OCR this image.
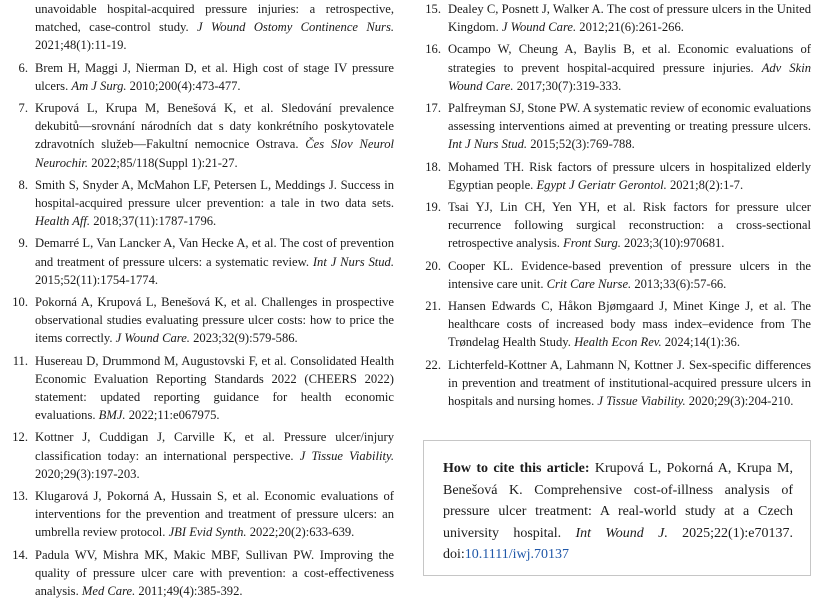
unavoidable hospital-acquired pressure injuries: a retrospective, matched, case-control study. J Wound Ostomy Continence Nurs. 2021;48(1):11-19.
6. Brem H, Maggi J, Nierman D, et al. High cost of stage IV pressure ulcers. Am J Surg. 2010;200(4):473-477.
7. Krupová L, Krupa M, Benešová K, et al. Sledování prevalence dekubitů—srovnání národních dat s daty konkrétního poskytovatele zdravotních služeb—Fakultní nemocnice Ostrava. Čes Slov Neurol Neurochir. 2022;85/118(Suppl 1):21-27.
8. Smith S, Snyder A, McMahon LF, Petersen L, Meddings J. Success in hospital-acquired pressure ulcer prevention: a tale in two data sets. Health Aff. 2018;37(11):1787-1796.
9. Demarré L, Van Lancker A, Van Hecke A, et al. The cost of prevention and treatment of pressure ulcers: a systematic review. Int J Nurs Stud. 2015;52(11):1754-1774.
10. Pokorná A, Krupová L, Benešová K, et al. Challenges in prospective observational studies evaluating pressure ulcer costs: how to price the items correctly. J Wound Care. 2023;32(9):579-586.
11. Husereau D, Drummond M, Augustovski F, et al. Consolidated Health Economic Evaluation Reporting Standards 2022 (CHEERS 2022) statement: updated reporting guidance for health economic evaluations. BMJ. 2022;11:e067975.
12. Kottner J, Cuddigan J, Carville K, et al. Pressure ulcer/injury classification today: an international perspective. J Tissue Viability. 2020;29(3):197-203.
13. Klugarová J, Pokorná A, Hussain S, et al. Economic evaluations of interventions for the prevention and treatment of pressure ulcers: an umbrella review protocol. JBI Evid Synth. 2022;20(2):633-639.
14. Padula WV, Mishra MK, Makic MBF, Sullivan PW. Improving the quality of pressure ulcer care with prevention: a cost-effectiveness analysis. Med Care. 2011;49(4):385-392.
15. Dealey C, Posnett J, Walker A. The cost of pressure ulcers in the United Kingdom. J Wound Care. 2012;21(6):261-266.
16. Ocampo W, Cheung A, Baylis B, et al. Economic evaluations of strategies to prevent hospital-acquired pressure injuries. Adv Skin Wound Care. 2017;30(7):319-333.
17. Palfreyman SJ, Stone PW. A systematic review of economic evaluations assessing interventions aimed at preventing or treating pressure ulcers. Int J Nurs Stud. 2015;52(3):769-788.
18. Mohamed TH. Risk factors of pressure ulcers in hospitalized elderly Egyptian people. Egypt J Geriatr Gerontol. 2021;8(2):1-7.
19. Tsai YJ, Lin CH, Yen YH, et al. Risk factors for pressure ulcer recurrence following surgical reconstruction: a cross-sectional retrospective analysis. Front Surg. 2023;3(10):970681.
20. Cooper KL. Evidence-based prevention of pressure ulcers in the intensive care unit. Crit Care Nurse. 2013;33(6):57-66.
21. Hansen Edwards C, Håkon Bjømgaard J, Minet Kinge J, et al. The healthcare costs of increased body mass index–evidence from The Trøndelag Health Study. Health Econ Rev. 2024;14(1):36.
22. Lichterfeld-Kottner A, Lahmann N, Kottner J. Sex-specific differences in prevention and treatment of institutional-acquired pressure ulcers in hospitals and nursing homes. J Tissue Viability. 2020;29(3):204-210.
How to cite this article: Krupová L, Pokorná A, Krupa M, Benešová K. Comprehensive cost-of-illness analysis of pressure ulcer treatment: A real-world study at a Czech university hospital. Int Wound J. 2025;22(1):e70137. doi:10.1111/iwj.70137
